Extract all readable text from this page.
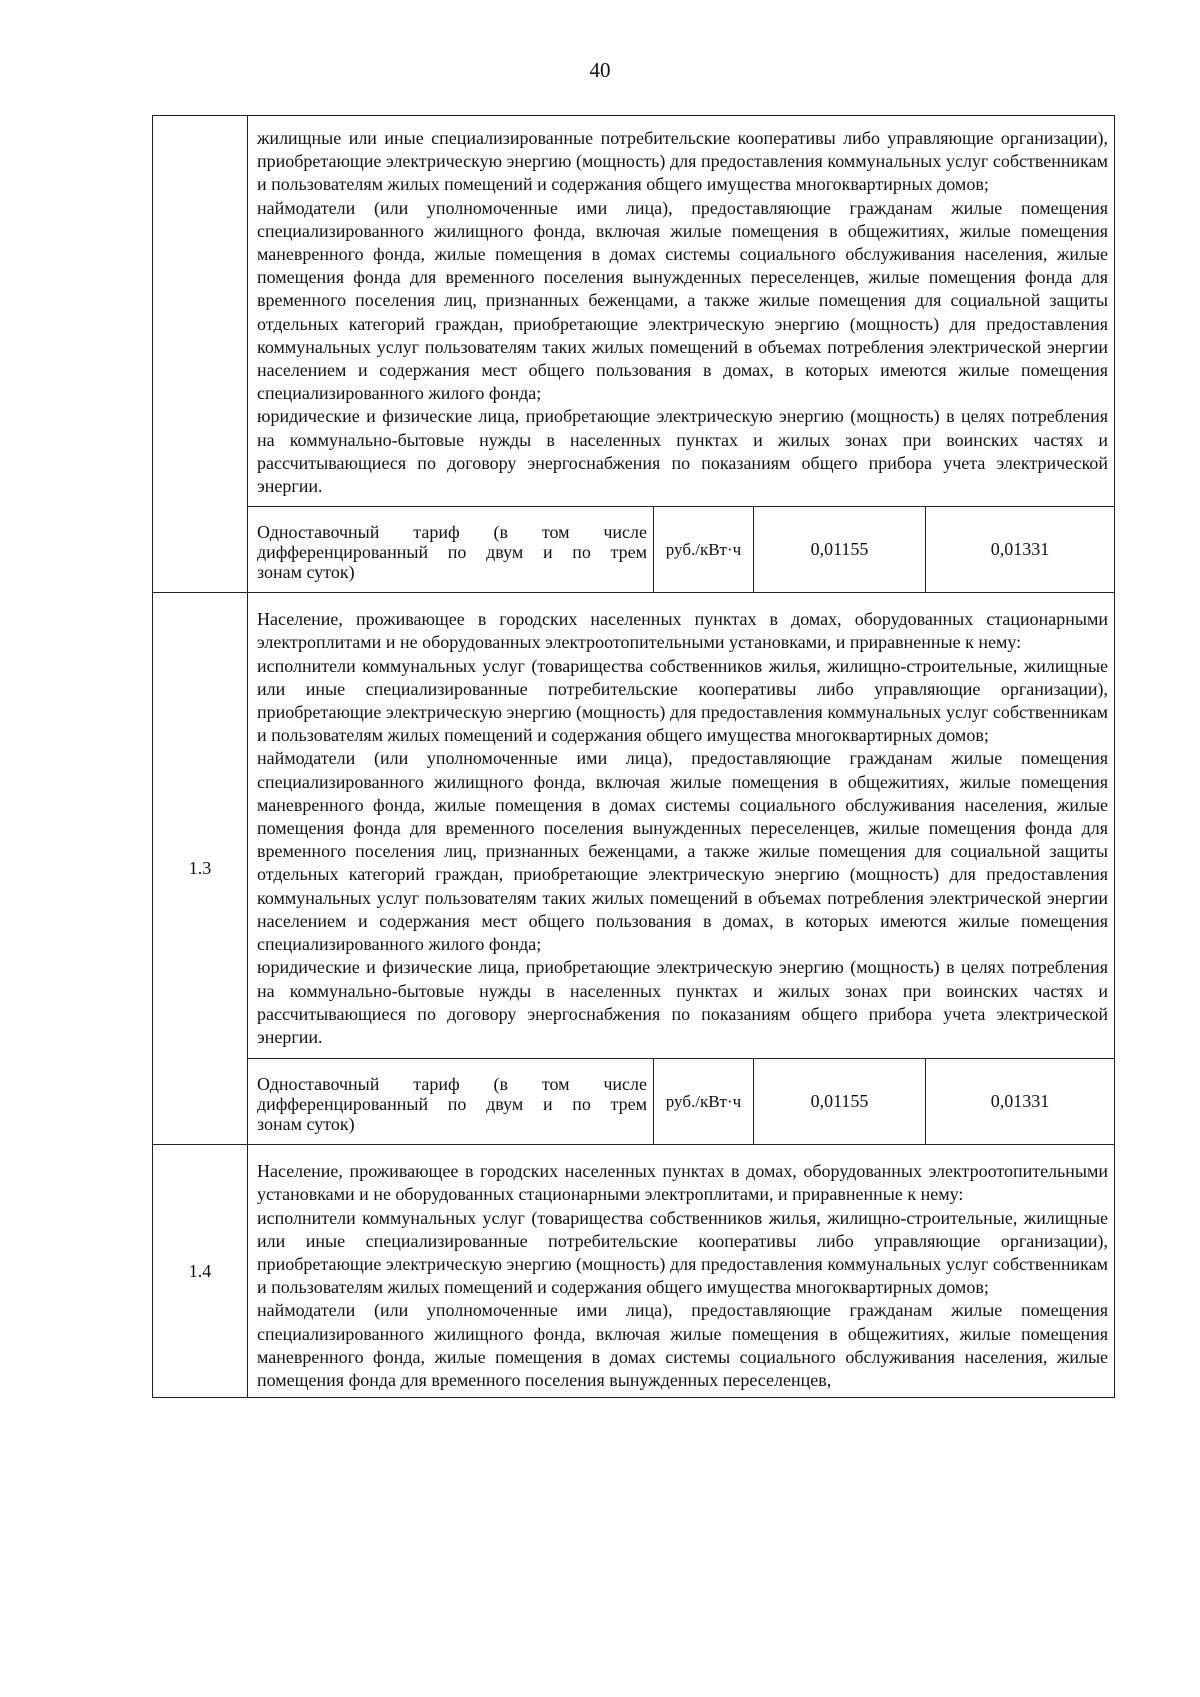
40

	жилищные или иные специализированные потребительские кооперативы либо управляющие организации), приобретающие электрическую энергию (мощность) для предоставления коммунальных услуг собственникам и пользователям жилых помещений и содержания общего имущества многоквартирных домов;

наймодатели (или уполномоченные ими лица), предоставляющие гражданам жилые помещения специализированного жилищного фонда, включая жилые помещения в общежитиях, жилые помещения маневренного фонда, жилые помещения в домах системы социального обслуживания населения, жилые помещения фонда для временного поселения вынужденных переселенцев, жилые помещения фонда для временного поселения лиц, признанных беженцами, а также жилые помещения для социальной защиты отдельных категорий граждан, приобретающие электрическую энергию (мощность) для предоставления коммунальных услуг пользователям таких жилых помещений в объемах потребления электрической энергии населением и содержания мест общего пользования в домах, в которых имеются жилые помещения специализированного жилого фонда;

юридические и физические лица, приобретающие электрическую энергию (мощность) в целях потребления на коммунально-бытовые нужды в населенных пунктах и жилых зонах при воинских частях и рассчитывающиеся по договору энергоснабжения по показаниям общего прибора учета электрической энергии.			

	Одноставочный тариф (в том числе дифференцированный по двум и по трем
зонам суток)	руб./кВт·ч	0,01155	0,01331
1.3	Население, проживающее в городских населенных пунктах в домах, оборудованных стационарными электроплитами и не оборудованных электроотопительными установками, и приравненные к нему:

исполнители коммунальных услуг (товарищества собственников жилья, жилищно-строительные, жилищные или иные специализированные потребительские кооперативы либо управляющие организации), приобретающие электрическую энергию (мощность) для предоставления коммунальных услуг собственникам и пользователям жилых помещений и содержания общего имущества многоквартирных домов;

наймодатели (или уполномоченные ими лица), предоставляющие гражданам жилые помещения специализированного жилищного фонда, включая жилые помещения в общежитиях, жилые помещения маневренного фонда, жилые помещения в домах системы социального обслуживания населения, жилые помещения фонда для временного поселения вынужденных переселенцев, жилые помещения фонда для временного поселения лиц, признанных беженцами, а также жилые помещения для социальной защиты отдельных категорий граждан, приобретающие электрическую энергию (мощность) для предоставления коммунальных услуг пользователям таких жилых помещений в объемах потребления электрической энергии населением и содержания мест общего пользования в домах, в которых имеются жилые помещения специализированного жилого фонда;

юридические и физические лица, приобретающие электрическую энергию (мощность) в целях потребления на коммунально-бытовые нужды в населенных пунктах и жилых зонах при воинских частях и рассчитывающиеся по договору энергоснабжения по показаниям общего прибора учета электрической энергии.			

	Одноставочный тариф (в том числе дифференцированный по двум и по трем
зонам суток)	руб./кВт·ч	0,01155	0,01331
1.4	Население, проживающее в городских населенных пунктах в домах, оборудованных электроотопительными установками и не оборудованных стационарными электроплитами, и приравненные к нему:

исполнители коммунальных услуг (товарищества собственников жилья, жилищно-строительные, жилищные или иные специализированные потребительские кооперативы либо управляющие организации), приобретающие электрическую энергию (мощность) для предоставления коммунальных услуг собственникам и пользователям жилых помещений и содержания общего имущества многоквартирных домов;

наймодатели (или уполномоченные ими лица), предоставляющие гражданам жилые помещения специализированного жилищного фонда, включая жилые помещения в общежитиях, жилые помещения маневренного фонда, жилые помещения в домах системы социального обслуживания населения, жилые помещения фонда для временного поселения вынужденных переселенцев,			
